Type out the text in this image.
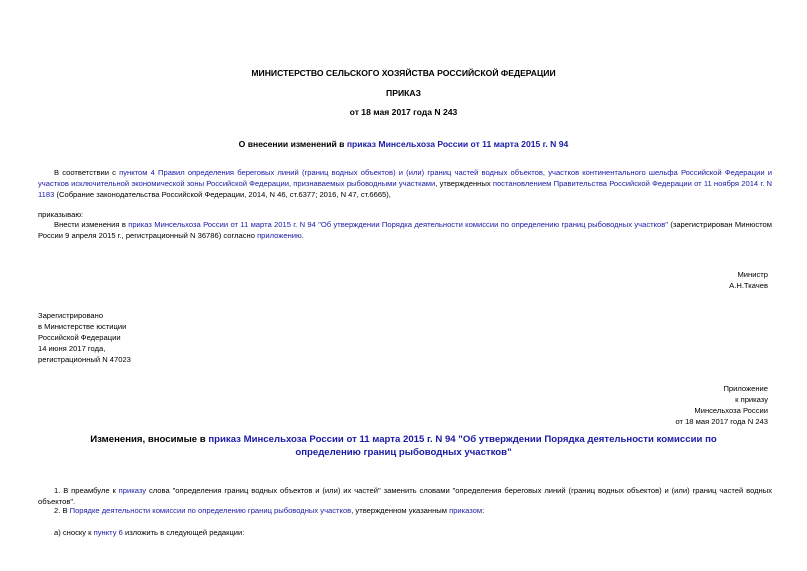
МИНИСТЕРСТВО СЕЛЬСКОГО ХОЗЯЙСТВА РОССИЙСКОЙ ФЕДЕРАЦИИ
ПРИКАЗ
от 18 мая 2017 года N 243
О внесении изменений в приказ Минсельхоза России от 11 марта 2015 г. N 94
В соответствии с пунктом 4 Правил определения береговых линий (границ водных объектов) и (или) границ частей водных объектов, участков континентального шельфа Российской Федерации и участков исключительной экономической зоны Российской Федерации, признаваемых рыбоводными участками, утвержденных постановлением Правительства Российской Федерации от 11 ноября 2014 г. N 1183 (Собрание законодательства Российской Федерации, 2014, N 46, ст.6377; 2016, N 47, ст.6665),
приказываю:
Внести изменения в приказ Минсельхоза России от 11 марта 2015 г. N 94 "Об утверждении Порядка деятельности комиссии по определению границ рыбоводных участков" (зарегистрирован Минюстом России 9 апреля 2015 г., регистрационный N 36786) согласно приложению.
Министр
А.Н.Ткачев
Зарегистрировано
в Министерстве юстиции
Российской Федерации
14 июня 2017 года,
регистрационный N 47023
Приложение
к приказу
Минсельхоза России
от 18 мая 2017 года N 243
Изменения, вносимые в приказ Минсельхоза России от 11 марта 2015 г. N 94 "Об утверждении Порядка деятельности комиссии по определению границ рыбоводных участков"
1. В преамбуле к приказу слова "определения границ водных объектов и (или) их частей" заменить словами "определения береговых линий (границ водных объектов) и (или) границ частей водных объектов".
2. В Порядке деятельности комиссии по определению границ рыбоводных участков, утвержденном указанным приказом:
а) сноску к пункту 6 изложить в следующей редакции:
